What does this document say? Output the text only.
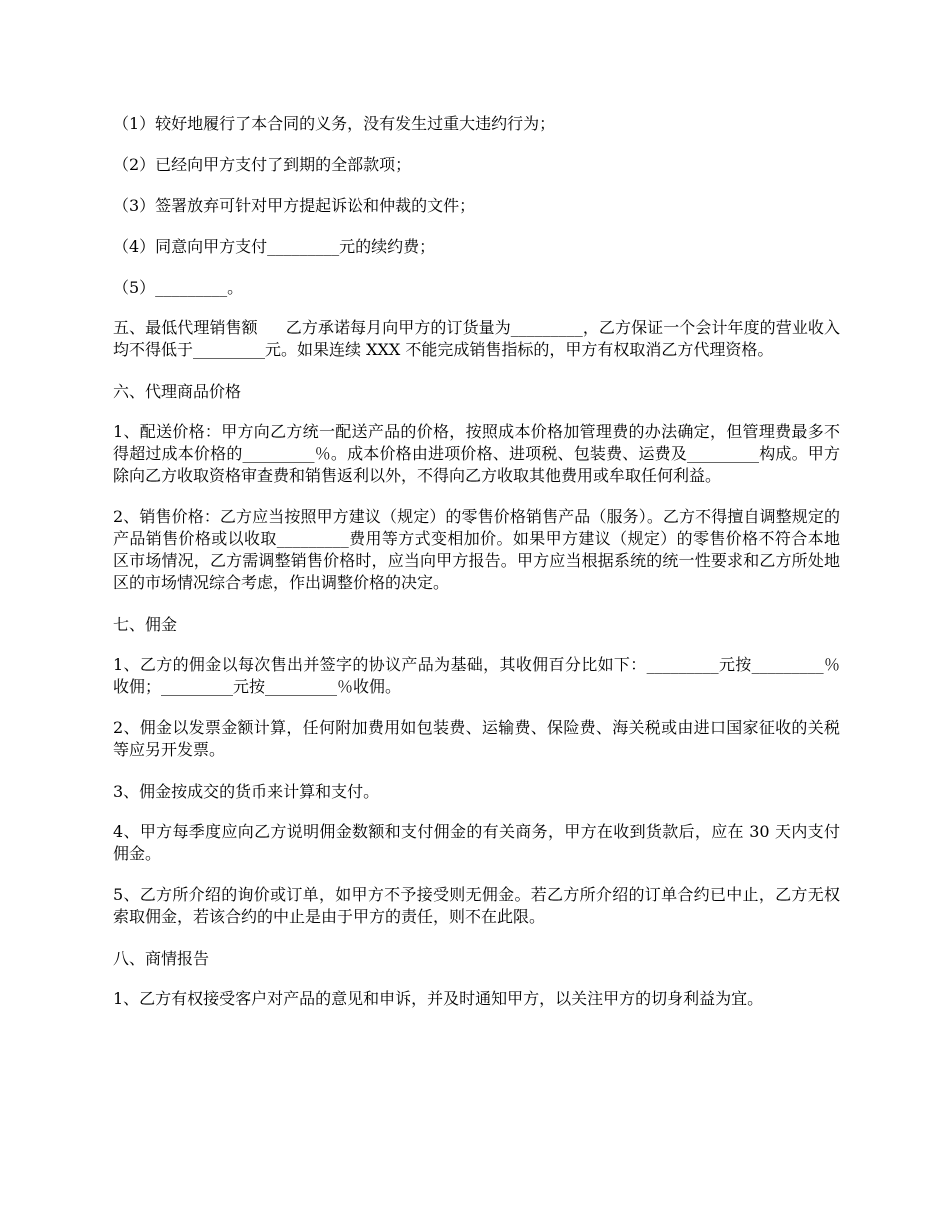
（1）较好地履行了本合同的义务，没有发生过重大违约行为；

（2）已经向甲方支付了到期的全部款项；

（3）签署放弃可针对甲方提起诉讼和仲裁的文件；

（4）同意向甲方支付_________元的续约费；

（5）_________。

五、最低代理销售额 乙方承诺每月向甲方的订货量为_________，乙方保证一个会计年度的营业收入均不得低于_________元。如果连续 XXX 不能完成销售指标的，甲方有权取消乙方代理资格。

六、代理商品价格

1、配送价格：甲方向乙方统一配送产品的价格，按照成本价格加管理费的办法确定，但管理费最多不得超过成本价格的_________％。成本价格由进项价格、进项税、包装费、运费及_________构成。甲方除向乙方收取资格审查费和销售返利以外，不得向乙方收取其他费用或牟取任何利益。

2、销售价格：乙方应当按照甲方建议（规定）的零售价格销售产品（服务）。乙方不得擅自调整规定的产品销售价格或以收取_________费用等方式变相加价。如果甲方建议（规定）的零售价格不符合本地区市场情况，乙方需调整销售价格时，应当向甲方报告。甲方应当根据系统的统一性要求和乙方所处地区的市场情况综合考虑，作出调整价格的决定。

七、佣金

1、乙方的佣金以每次售出并签字的协议产品为基础，其收佣百分比如下：_________元按_________％收佣；_________元按_________％收佣。

2、佣金以发票金额计算，任何附加费用如包装费、运输费、保险费、海关税或由进口国家征收的关税等应另开发票。

3、佣金按成交的货币来计算和支付。

4、甲方每季度应向乙方说明佣金数额和支付佣金的有关商务，甲方在收到货款后，应在 30 天内支付佣金。

5、乙方所介绍的询价或订单，如甲方不予接受则无佣金。若乙方所介绍的订单合约已中止，乙方无权索取佣金，若该合约的中止是由于甲方的责任，则不在此限。

八、商情报告

1、乙方有权接受客户对产品的意见和申诉，并及时通知甲方，以关注甲方的切身利益为宜。
